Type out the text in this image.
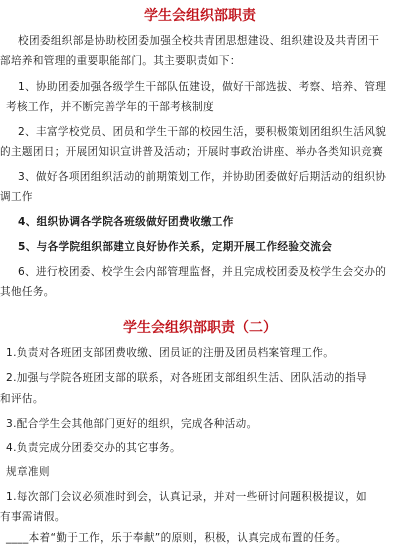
学生会组织部职责
校团委组织部是协助校团委加强全校共青团思想建设、组织建设及共青团干
部培养和管理的重要职能部门。其主要职责如下：
1、协助团委加强各级学生干部队伍建设，做好干部选拔、考察、培养、管理
考核工作，并不断完善学年的干部考核制度
2、丰富学校党员、团员和学生干部的校园生活，要积极策划团组织生活风貌
的主题团日；开展团知识宣讲普及活动；开展时事政治讲座、举办各类知识竞赛
3、做好各项团组织活动的前期策划工作，并协助团委做好后期活动的组织协
调工作
4、组织协调各学院各班级做好团费收缴工作
5、与各学院组织部建立良好协作关系，定期开展工作经验交流会
6、进行校团委、校学生会内部管理监督，并且完成校团委及校学生会交办的
其他任务。
学生会组织部职责（二）
1.负责对各班团支部团费收缴、团员证的注册及团员档案管理工作。
2.加强与学院各班团支部的联系，对各班团支部组织生活、团队活动的指导
和评估。
3.配合学生会其他部门更好的组织，完成各种活动。
4.负责完成分团委交办的其它事务。
规章准则
1.每次部门会议必须准时到会，认真记录，并对一些研讨问题积极提议，如
有事需请假。
____本着“勤于工作，乐于奉献”的原则，积极，认真完成布置的任务。
